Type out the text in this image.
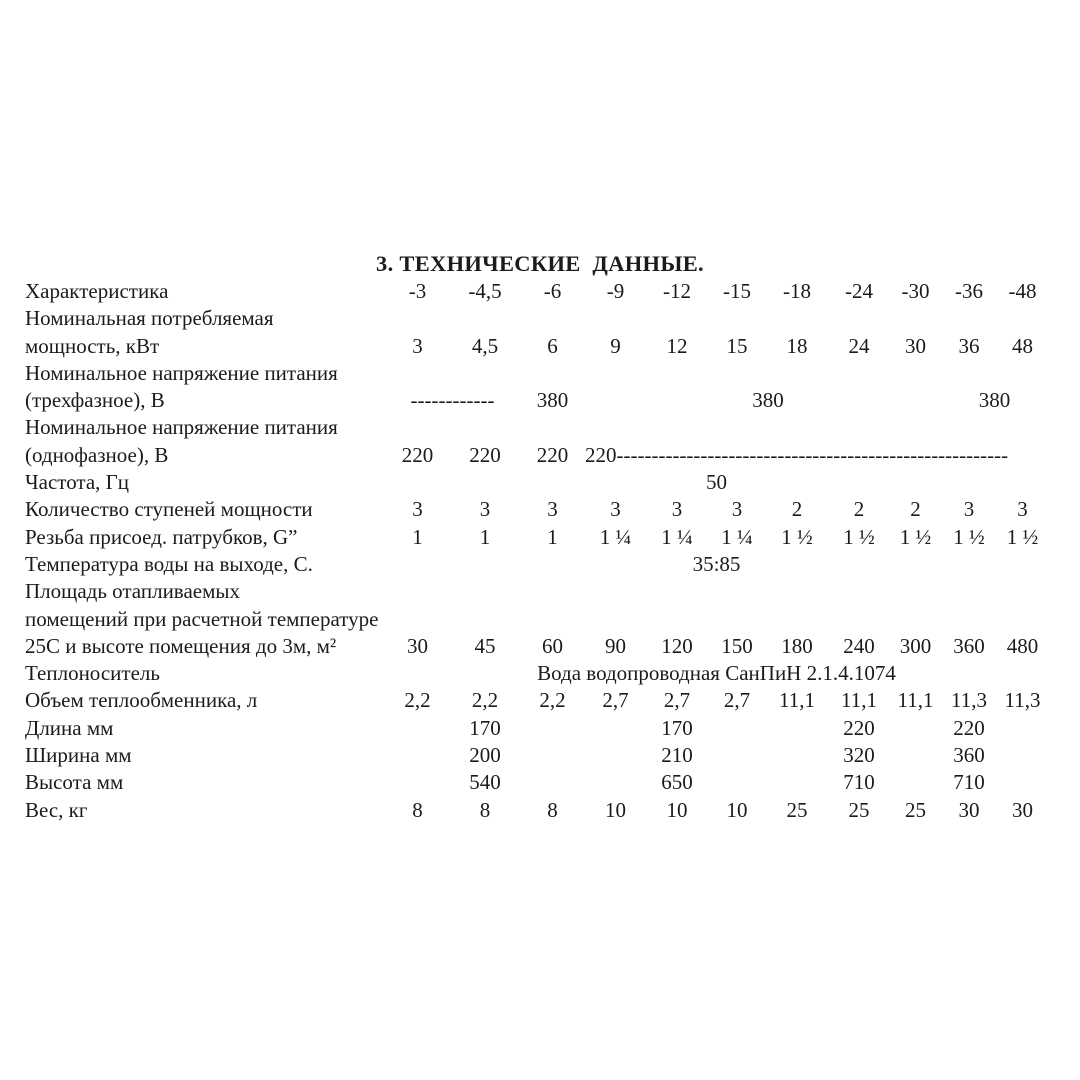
3. ТЕХНИЧЕСКИЕ  ДАННЫЕ.
Характеристика	-3	-4,5	-6	-9	-12	-15	-18	-24	-30	-36	-48
Номинальная потребляемая											
мощность, кВт	3	4,5	6	9	12	15	18	24	30	36	48
Номинальное напряжение питания											
(трехфазное), В	------------		380		380					380	
Номинальное напряжение питания											
(однофазное), В	220	220	220	220--------------------------------------------------------							
Частота, Гц	50										
Количество ступеней мощности	3	3	3	3	3	3	2	2	2	3	3
Резьба присоед. патрубков, G”	1	1	1	1 ¼	1 ¼	1 ¼	1 ½	1 ½	1 ½	1 ½	1 ½
Температура воды на выходе, С.	35:85										
Площадь отапливаемых											
помещений при расчетной температуре											
25С и высоте помещения до 3м, м²	30	45	60	90	120	150	180	240	300	360	480
Теплоноситель	Вода водопроводная СанПиН 2.1.4.1074										
Объем теплообменника, л	2,2	2,2	2,2	2,7	2,7	2,7	11,1	11,1	11,1	11,3	11,3
Длина мм		170			170			220		220	
Ширина мм		200			210			320		360	
Высота мм		540			650			710		710	
Вес, кг	8	8	8	10	10	10	25	25	25	30	30
